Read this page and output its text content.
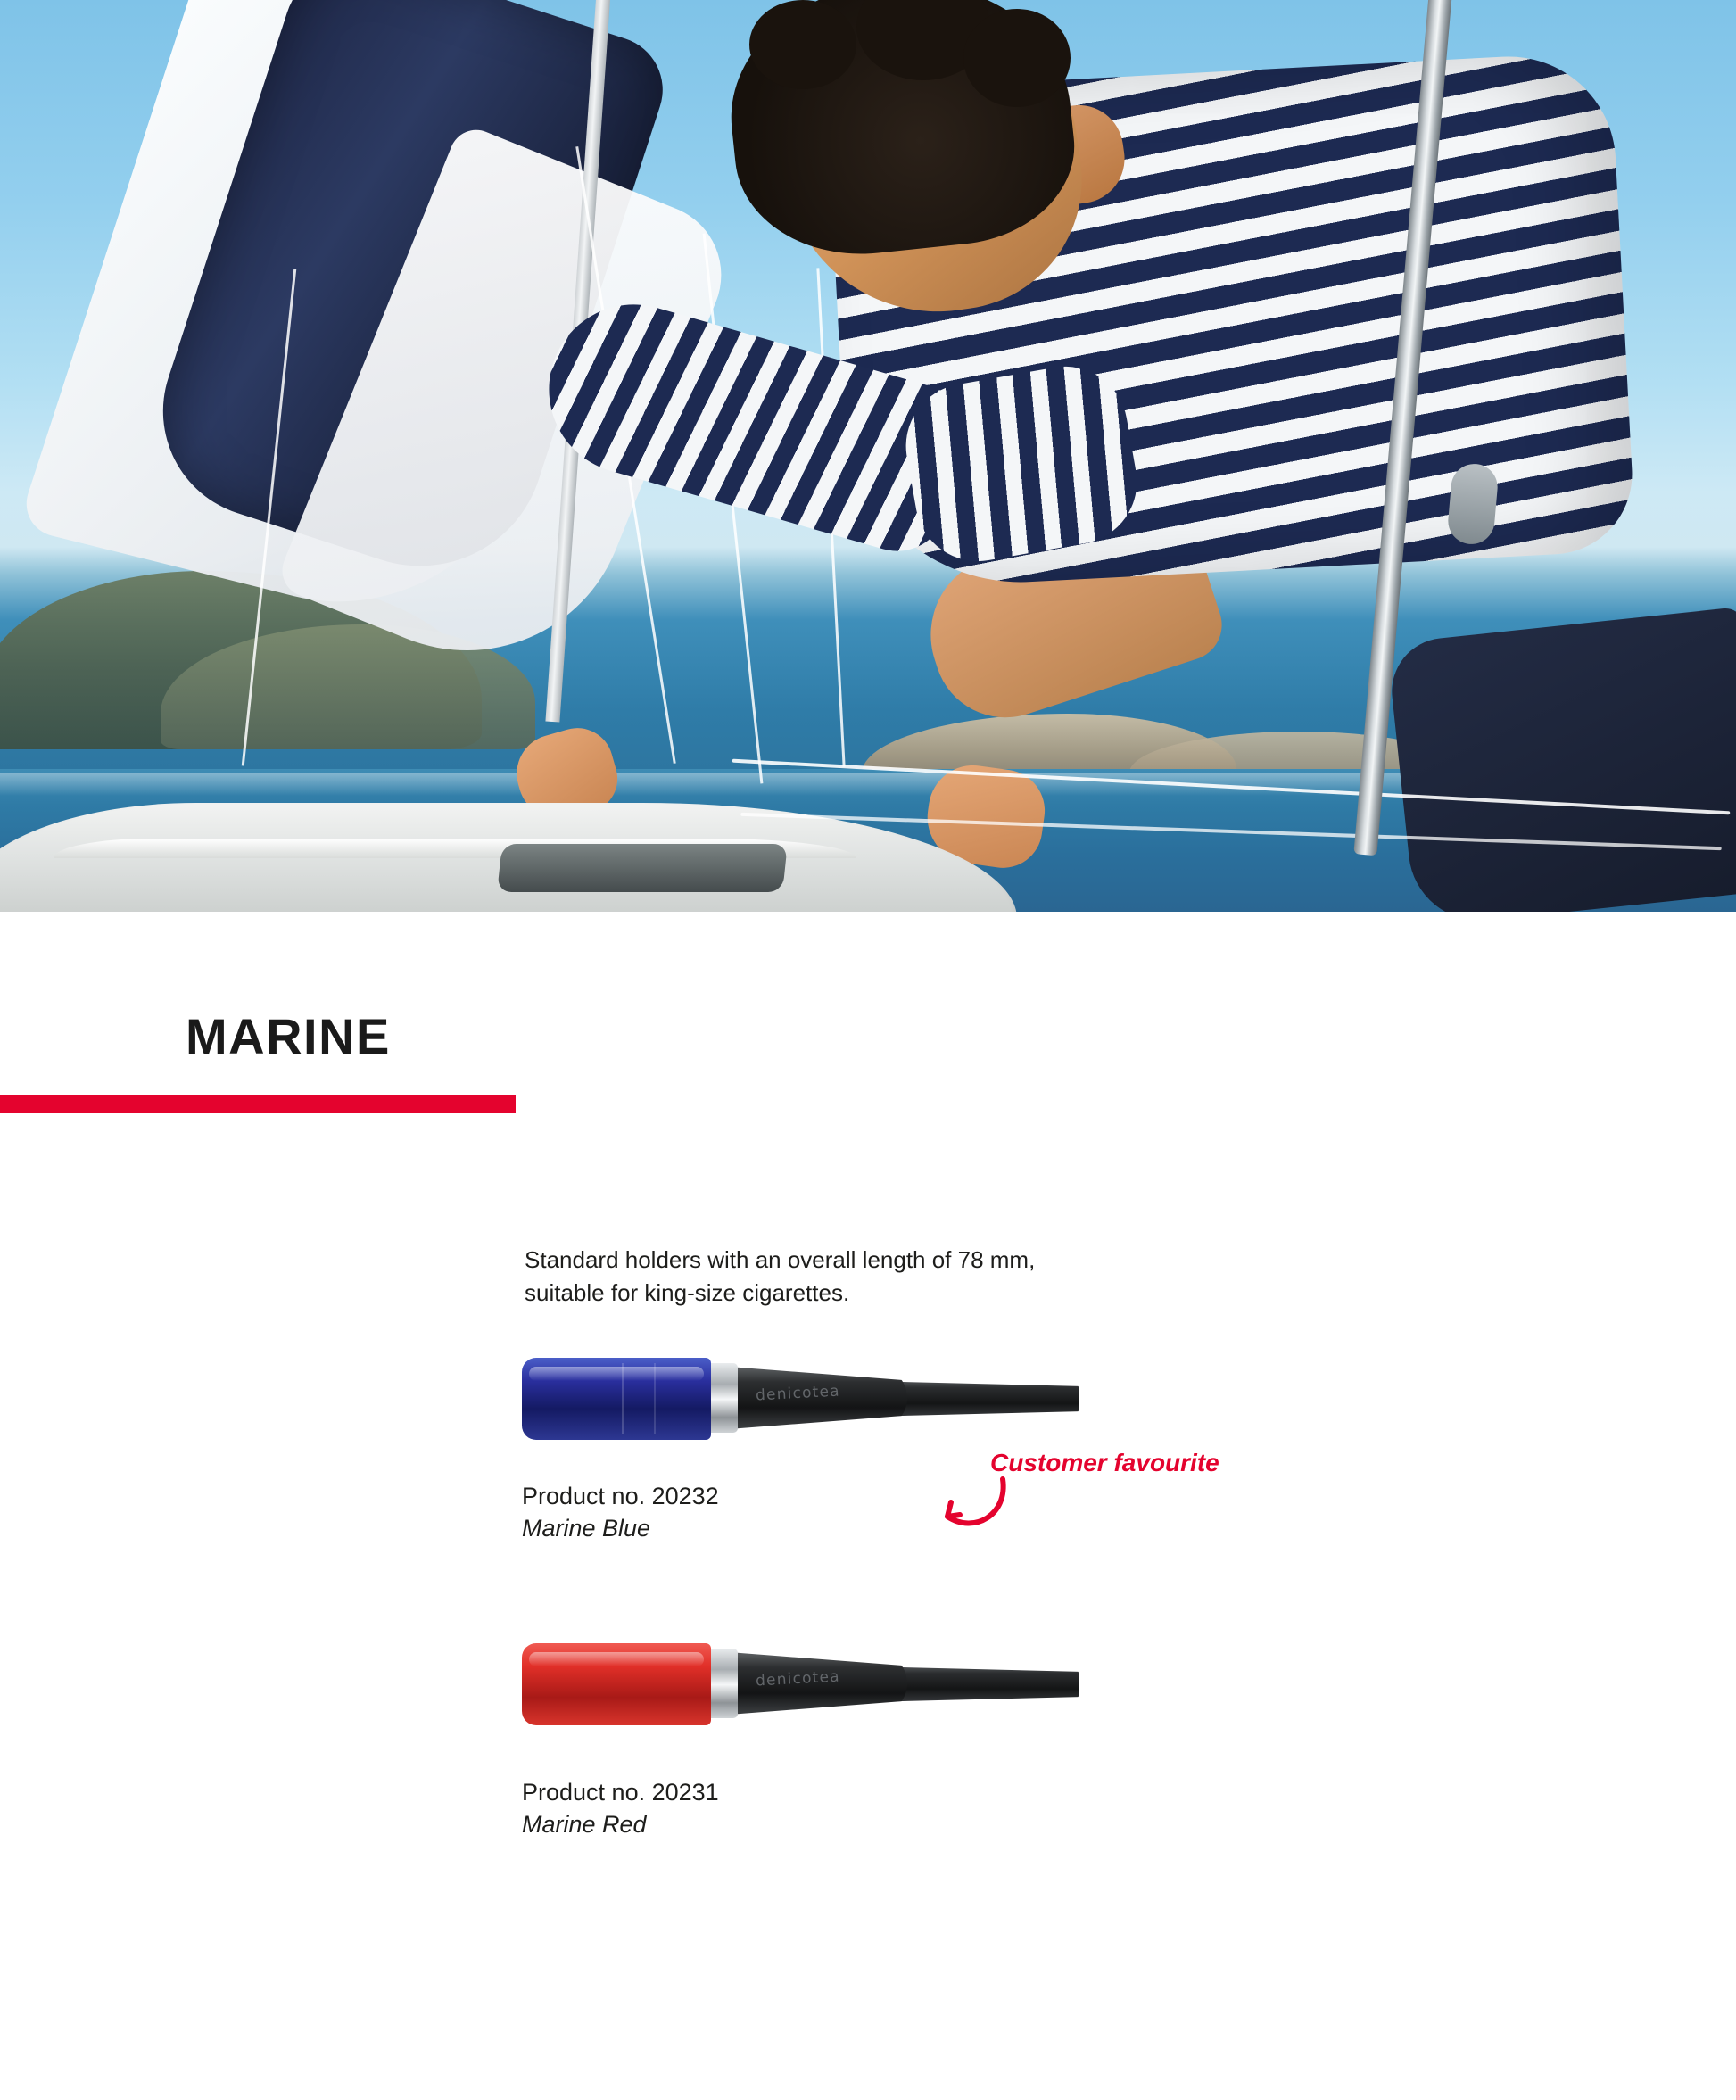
MARINE
Standard holders with an overall length of 78 mm,
suitable for king-size cigarettes.
denicotea
Product no. 20232
Marine Blue
denicotea
Product no. 20231
Marine Red
Customer favourite
